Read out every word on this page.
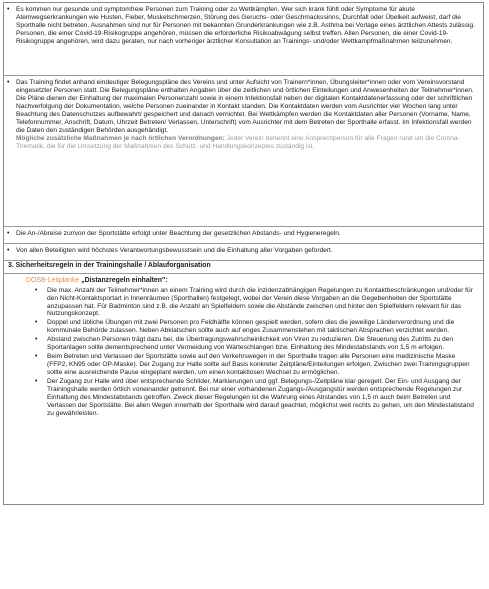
• Es kommen nur gesunde und symptomfreie Personen zum Training oder zu Wettkämpfen. Wer sich krank fühlt oder Symptome für akute Atemwegserkrankungen wie Husten, Fieber, Muskelschmerzen, Störung des Geruchs- oder Geschmackssinns, Durchfall oder Übelkeit aufweist, darf die Sporthalle nicht betreten. Ausnahmen sind nur für Personen mit bekannten Grunderkrankungen wie z.B. Asthma bei Vorlage eines ärztlichen Attests zulässig. Personen, die einer Covid-19-Risikogruppe angehören, müssen die erforderliche Risikoabwägung selbst treffen. Allen Personen, die einer Covid-19-Risikogruppe angehören, wird dazu geraten, nur nach vorheriger ärztlicher Konsultation an Trainings- und/oder Wettkampfmaßnahmen teilzunehmen.
• Das Training findet anhand eindeutiger Belegungspläne des Vereins und unter Aufsicht von Trainern*innen, Übungsleiter*innen oder vom Vereinsvorstand eingesetzter Personen statt. Die Belegungspläne enthalten Angaben über die zeitlichen und örtlichen Einteilungen und Anwesenheiten der Teilnehmer*innen. Die Pläne dienen der Einhaltung der maximalen Personenzahl sowie in einem Infektionsfall neben der digitalen Kontaktdatenerfassung oder der schriftlichen Nachverfolgung der Dokumentation, welche Personen zueinander in Kontakt standen. Die Kontaktdaten werden vom Ausrichter vier Wochen lang unter Beachtung des Datenschutzes aufbewahrt/ gespeichert und danach vernichtet. Bei Wettkämpfen werden die Kontaktdaten aller Personen (Vorname, Name, Telefonnummer, Anschrift, Datum, Uhrzeit Betreten/ Verlassen, Unterschrift) vom Ausrichter mit dem Betreten der Sporthalle erfasst. Im Infektionsfall werden die Daten den zuständigen Behörden ausgehändigt.
Mögliche zusätzliche Maßnahmen je nach örtlichen Verordnungen: Jeder Verein benennt eine Ansprechperson für alle Fragen rund um die Corona-Thematik, die für die Umsetzung der Maßnahmen des Schutz- und Handlungskonzeptes zuständig ist.
• Die An-/Abreise zur/von der Sportstätte erfolgt unter Beachtung der gesetzlichen Abstands- und Hygieneregeln.
• Von allen Beteiligten wird höchstes Verantwortungsbewusstsein und die Einhaltung aller Vorgaben gefordert.
3. Sicherheitsregeln in der Trainingshalle / Ablauforganisation
DOSB-Leitplanke „Distanzregeln einhalten":
• Die max. Anzahl der Teilnehmer*innen an einem Training wird durch die inzidenzabhängigen Regelungen zu Kontaktbeschränkungen und/oder für den Nicht-Kontaktsportart in Innenräumen (Sporthallen) festgelegt, wobei der Verein diese Vorgaben an die Gegebenheiten der Sportstätte anzupassen hat. Für Badminton sind z.B. die Anzahl an Spielfeldern sowie die Abstände zwischen und hinter den Spielfeldern relevant für das Nutzungskonzept.
• Doppel und übliche Übungen mit zwei Personen pro Feldhälfte können gespielt werden, sofern dies die jeweilige Länderverordnung und die kommunale Behörde zulassen. Neben Abklatschen sollte auch auf enges Zusammenstehen mit taktischen Absprachen verzichtet werden.
• Abstand zwischen Personen trägt dazu bei, die Übertragungswahrscheinlichkeit von Viren zu reduzieren. Die Steuerung des Zutritts zu den Sportanlagen sollte dementsprechend unter Vermeidung von Warteschlangen bzw. Einhaltung des Mindestabstands von 1,5 m erfolgen.
• Beim Betreten und Verlassen der Sportstätte sowie auf den Verkehrswegen in der Sporthalle tragen alle Personen eine medizinische Maske (FFP2, KN95 oder OP-Maske). Der Zugang zur Halle sollte auf Basis konkreter Zeitpläne/Einteilungen erfolgen. Zwischen zwei Trainingsgruppen sollte eine ausreichende Pause eingeplant werden, um einen kontaktlosen Wechsel zu ermöglichen.
• Der Zugang zur Halle wird über entsprechende Schilder, Markierungen und ggf. Belegungs-/Zeitpläne klar geregelt. Der Ein- und Ausgang der Trainingshalle werden örtlich voneinander getrennt. Bei nur einer vorhandenen Zugangs-/Ausgangstür werden entsprechende Regelungen zur Einhaltung des Mindestabstands getroffen. Zweck dieser Regelungen ist die Wahrung eines Abstandes von 1,5 m auch beim Betreten und Verlassen der Sportstätte. Bei allen Wegen innerhalb der Sporthalle wird darauf geachtet, möglichst weit rechts zu gehen, um den Mindestabstand zu gewährleisten.
